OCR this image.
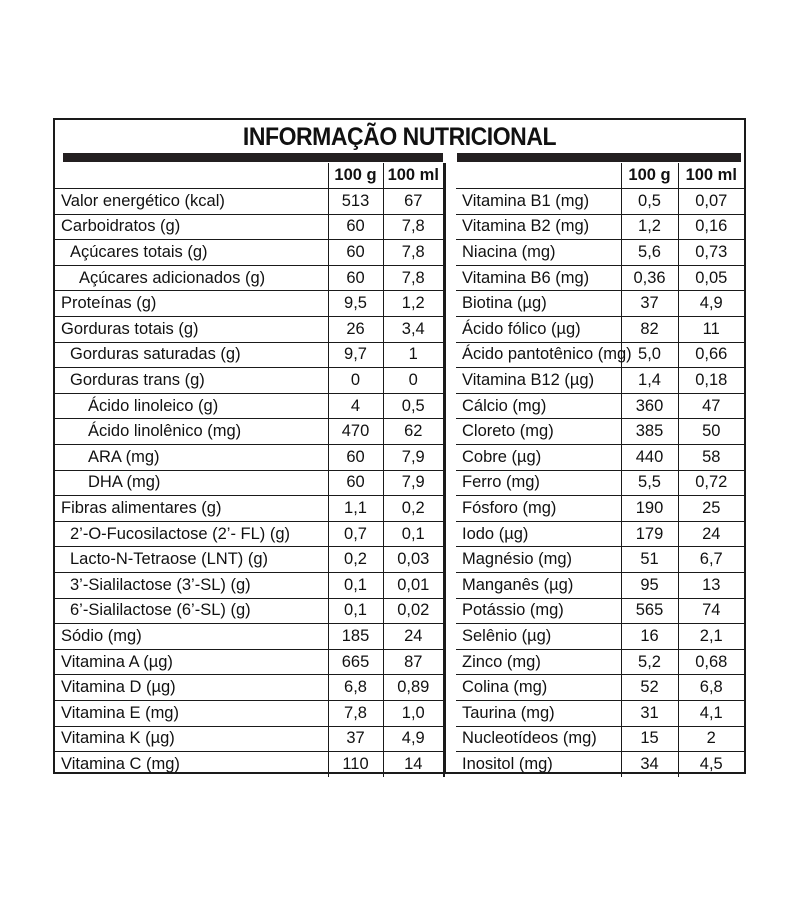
INFORMAÇÃO NUTRICIONAL
	100 g	100 ml
Valor energético (kcal)	513	67
Carboidratos (g)	60	7,8
Açúcares totais (g)	60	7,8
Açúcares adicionados (g)	60	7,8
Proteínas (g)	9,5	1,2
Gorduras totais (g)	26	3,4
Gorduras saturadas (g)	9,7	1
Gorduras trans (g)	0	0
Ácido linoleico (g)	4	0,5
Ácido linolênico (mg)	470	62
ARA (mg)	60	7,9
DHA (mg)	60	7,9
Fibras alimentares (g)	1,1	0,2
2’-O-Fucosilactose (2’- FL) (g)	0,7	0,1
Lacto-N-Tetraose (LNT) (g)	0,2	0,03
3’-Sialilactose (3’-SL) (g)	0,1	0,01
6’-Sialilactose (6’-SL) (g)	0,1	0,02
Sódio (mg)	185	24
Vitamina A (µg)	665	87
Vitamina D (µg)	6,8	0,89
Vitamina E (mg)	7,8	1,0
Vitamina K (µg)	37	4,9
Vitamina C (mg)	110	14
	100 g	100 ml
Vitamina B1 (mg)	0,5	0,07
Vitamina B2 (mg)	1,2	0,16
Niacina (mg)	5,6	0,73
Vitamina B6 (mg)	0,36	0,05
Biotina (µg)	37	4,9
Ácido fólico (µg)	82	11
Ácido pantotênico (mg)	5,0	0,66
Vitamina B12 (µg)	1,4	0,18
Cálcio (mg)	360	47
Cloreto (mg)	385	50
Cobre (µg)	440	58
Ferro (mg)	5,5	0,72
Fósforo (mg)	190	25
Iodo (µg)	179	24
Magnésio (mg)	51	6,7
Manganês (µg)	95	13
Potássio (mg)	565	74
Selênio (µg)	16	2,1
Zinco (mg)	5,2	0,68
Colina (mg)	52	6,8
Taurina (mg)	31	4,1
Nucleotídeos (mg)	15	2
Inositol (mg)	34	4,5
